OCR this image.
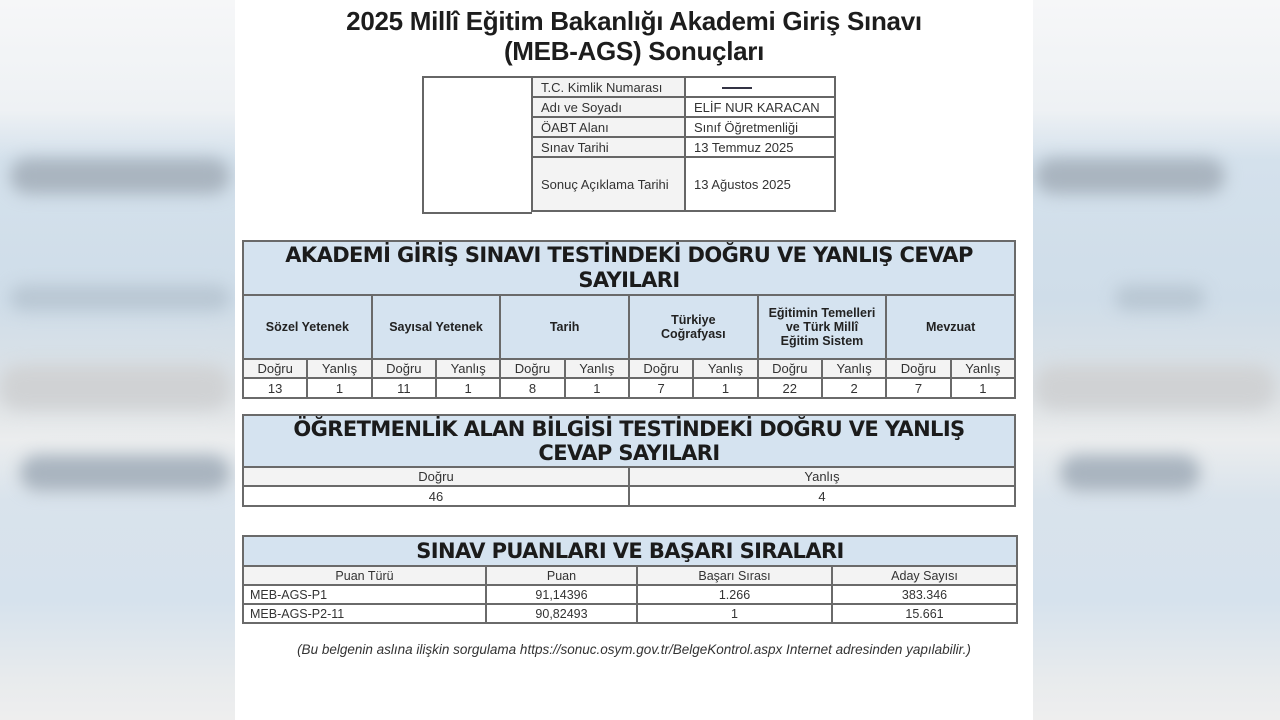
2025 Millî Eğitim Bakanlığı Akademi Giriş Sınavı
(MEB-AGS) Sonuçları
T.C. Kimlik Numarası	
Adı ve Soyadı	ELİF NUR KARACAN
ÖABT Alanı	Sınıf Öğretmenliği
Sınav Tarihi	13 Temmuz 2025
Sonuç Açıklama Tarihi	13 Ağustos 2025
AKADEMİ GİRİŞ SINAVI TESTİNDEKİ DOĞRU VE YANLIŞ CEVAP SAYILARI											
Sözel Yetenek		Sayısal Yetenek		Tarih		Türkiye Coğrafyası		Eğitimin Temelleri ve Türk Millî Eğitim Sistem		Mevzuat	
Doğru	Yanlış	Doğru	Yanlış	Doğru	Yanlış	Doğru	Yanlış	Doğru	Yanlış	Doğru	Yanlış
13	1	11	1	8	1	7	1	22	2	7	1
ÖĞRETMENLİK ALAN BİLGİSİ TESTİNDEKİ DOĞRU VE YANLIŞ CEVAP SAYILARI	
Doğru	Yanlış
46	4
SINAV PUANLARI VE BAŞARI SIRALARI			
Puan Türü	Puan	Başarı Sırası	Aday Sayısı
MEB-AGS-P1	91,14396	1.266	383.346
MEB-AGS-P2-11	90,82493	1	15.661
(Bu belgenin aslına ilişkin sorgulama https://sonuc.osym.gov.tr/BelgeKontrol.aspx Internet adresinden yapılabilir.)
